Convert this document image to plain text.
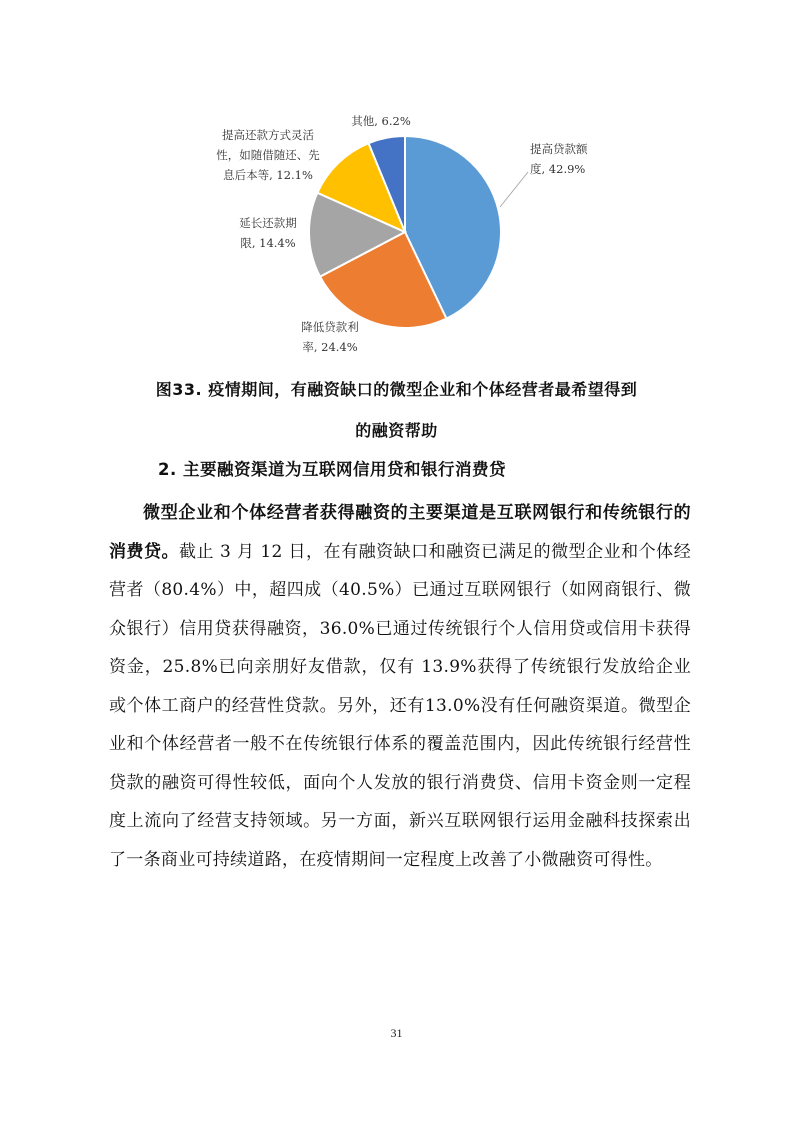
提高贷款额度, 42.9%
降低贷款利率, 24.4%
延长还款期限, 14.4%
提高还款方式灵活性，如随借随还、先息后本等, 12.1%
其他, 6.2%
图33. 疫情期间，有融资缺口的微型企业和个体经营者最希望得到
的融资帮助
2. 主要融资渠道为互联网信用贷和银行消费贷

微型企业和个体经营者获得融资的主要渠道是互联网银行和传统银行的消费贷。截止 3 月 12 日，在有融资缺口和融资已满足的微型企业和个体经营者（80.4%）中，超四成（40.5%）已通过互联网银行（如网商银行、微众银行）信用贷获得融资，36.0%已通过传统银行个人信用贷或信用卡获得资金，25.8%已向亲朋好友借款，仅有 13.9%获得了传统银行发放给企业或个体工商户的经营性贷款。另外，还有13.0%没有任何融资渠道。微型企业和个体经营者一般不在传统银行体系的覆盖范围内，因此传统银行经营性贷款的融资可得性较低，面向个人发放的银行消费贷、信用卡资金则一定程度上流向了经营支持领域。另一方面，新兴互联网银行运用金融科技探索出了一条商业可持续道路，在疫情期间一定程度上改善了小微融资可得性。

31
